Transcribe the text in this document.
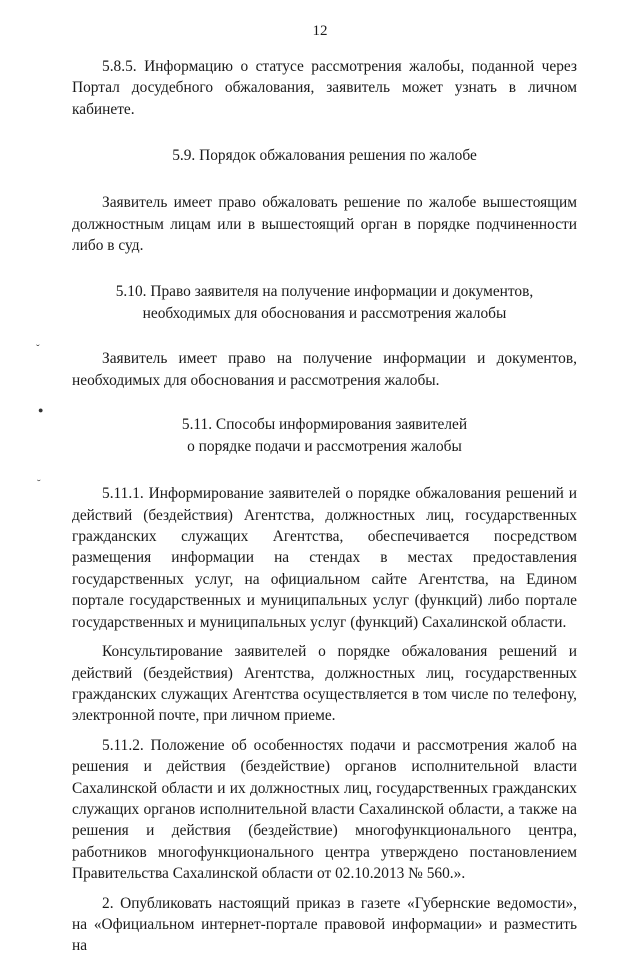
12
ˇ
●
˘

5.8.5. Информацию о статусе рассмотрения жалобы, поданной через Портал досудебного обжалования, заявитель может узнать в личном кабинете.

5.9. Порядок обжалования решения по жалобе

Заявитель имеет право обжаловать решение по жалобе вышестоящим должностным лицам или в вышестоящий орган в порядке подчиненности либо в суд.

5.10. Право заявителя на получение информации и документов,

необходимых для обоснования и рассмотрения жалобы

Заявитель имеет право на получение информации и документов, необходимых для обоснования и рассмотрения жалобы.

5.11. Способы информирования заявителей

о порядке подачи и рассмотрения жалобы

5.11.1. Информирование заявителей о порядке обжалования решений и действий (бездействия) Агентства, должностных лиц, государственных гражданских служащих Агентства, обеспечивается посредством размещения информации на стендах в местах предоставления государственных услуг, на официальном сайте Агентства, на Едином портале государственных и муниципальных услуг (функций) либо портале государственных и муниципальных услуг (функций) Сахалинской области.

Консультирование заявителей о порядке обжалования решений и действий (бездействия) Агентства, должностных лиц, государственных гражданских служащих Агентства осуществляется в том числе по телефону, электронной почте, при личном приеме.

5.11.2. Положение об особенностях подачи и рассмотрения жалоб на решения и действия (бездействие) органов исполнительной власти Сахалинской области и их должностных лиц, государственных гражданских служащих органов исполнительной власти Сахалинской области, а также на решения и действия (бездействие) многофункционального центра, работников многофункционального центра утверждено постановлением Правительства Сахалинской области от 02.10.2013 № 560.».

2. Опубликовать настоящий приказ в газете «Губернские ведомости», на «Официальном интернет-портале правовой информации» и разместить на
